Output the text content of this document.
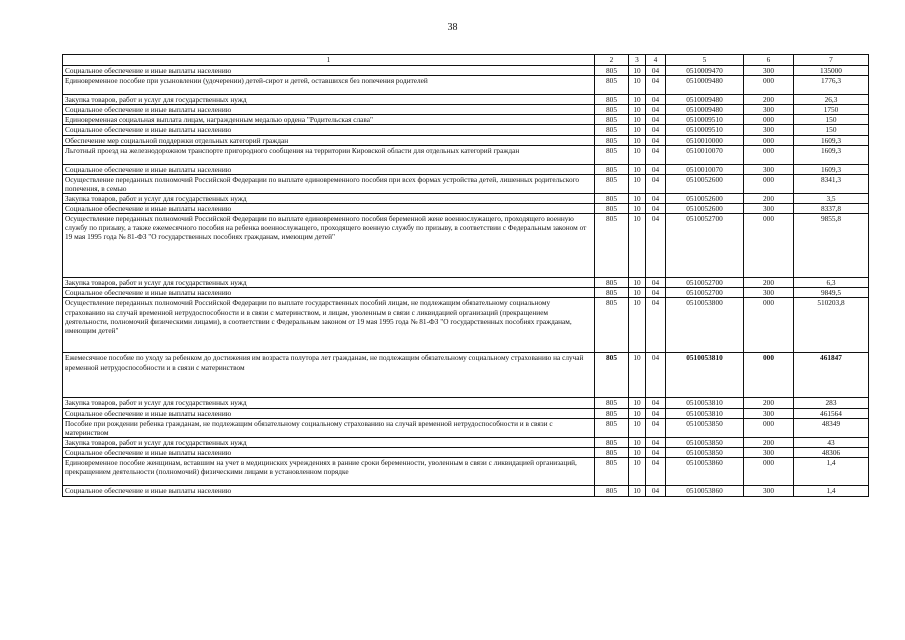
38
1	2	3	4	5	6	7
Социальное обеспечение и иные выплаты населению	805	10	04	0510009470	300	135000
Единовременное пособие при усыновлении (удочерении) детей-сирот и детей, оставшихся без попечения родителей	805	10	04	0510009480	000	1776,3
Закупка товаров, работ и услуг для государственных нужд	805	10	04	0510009480	200	26,3
Социальное обеспечение и иные выплаты населению	805	10	04	0510009480	300	1750
Единовременная социальная выплата лицам, награжденным медалью ордена "Родительская слава"	805	10	04	0510009510	000	150
Социальное обеспечение и иные выплаты населению	805	10	04	0510009510	300	150
Обеспечение мер социальной поддержки отдельных категорий граждан	805	10	04	0510010000	000	1609,3
Льготный проезд на железнодорожном транспорте пригородного сообщения на территории Кировской области для отдельных категорий граждан	805	10	04	0510010070	000	1609,3
Социальное обеспечение и иные выплаты населению	805	10	04	0510010070	300	1609,3
Осуществление переданных полномочий Российской Федерации по выплате единовременного пособия при всех формах устройства детей, лишенных родительского попечения, в семью	805	10	04	0510052600	000	8341,3
Закупка товаров, работ и услуг для государственных нужд	805	10	04	0510052600	200	3,5
Социальное обеспечение и иные выплаты населению	805	10	04	0510052600	300	8337,8
Осуществление переданных полномочий Российской Федерации по выплате единовременного пособия беременной жене военнослужащего, проходящего военную службу по призыву, а также ежемесячного пособия на ребенка военнослужащего, проходящего военную службу по призыву, в соответствии с Федеральным законом от 19 мая 1995 года № 81-ФЗ "О государственных пособиях гражданам, имеющим детей"	805	10	04	0510052700	000	9855,8
Закупка товаров, работ и услуг для государственных нужд	805	10	04	0510052700	200	6,3
Социальное обеспечение и иные выплаты населению	805	10	04	0510052700	300	9849,5
Осуществление переданных полномочий Российской Федерации по выплате государственных пособий лицам, не подлежащим обязательному социальному страхованию на случай временной нетрудоспособности и в связи с материнством, и лицам, уволенным в связи с ликвидацией организаций (прекращением деятельности, полномочий физическими лицами), в соответствии с Федеральным законом от 19 мая 1995 года № 81-ФЗ "О государственных пособиях гражданам, имеющим детей"	805	10	04	0510053800	000	510203,8
Ежемесячное пособие по уходу за ребенком до достижения им возраста полутора лет гражданам, не подлежащим обязательному социальному страхованию на случай временной нетрудоспособности и в связи с материнством	805	10	04	0510053810	000	461847
Закупка товаров, работ и услуг для государственных нужд	805	10	04	0510053810	200	283
Социальное обеспечение и иные выплаты населению	805	10	04	0510053810	300	461564
Пособие при рождении ребенка гражданам, не подлежащим обязательному социальному страхованию на случай временной нетрудоспособности и в связи с материнством	805	10	04	0510053850	000	48349
Закупка товаров, работ и услуг для государственных нужд	805	10	04	0510053850	200	43
Социальное обеспечение и иные выплаты населению	805	10	04	0510053850	300	48306
Единовременное пособие женщинам, вставшим на учет в медицинских учреждениях в ранние сроки беременности, уволенным в связи с ликвидацией организаций, прекращением деятельности (полномочий) физическими лицами в установленном порядке	805	10	04	0510053860	000	1,4
Социальное обеспечение и иные выплаты населению	805	10	04	0510053860	300	1,4
